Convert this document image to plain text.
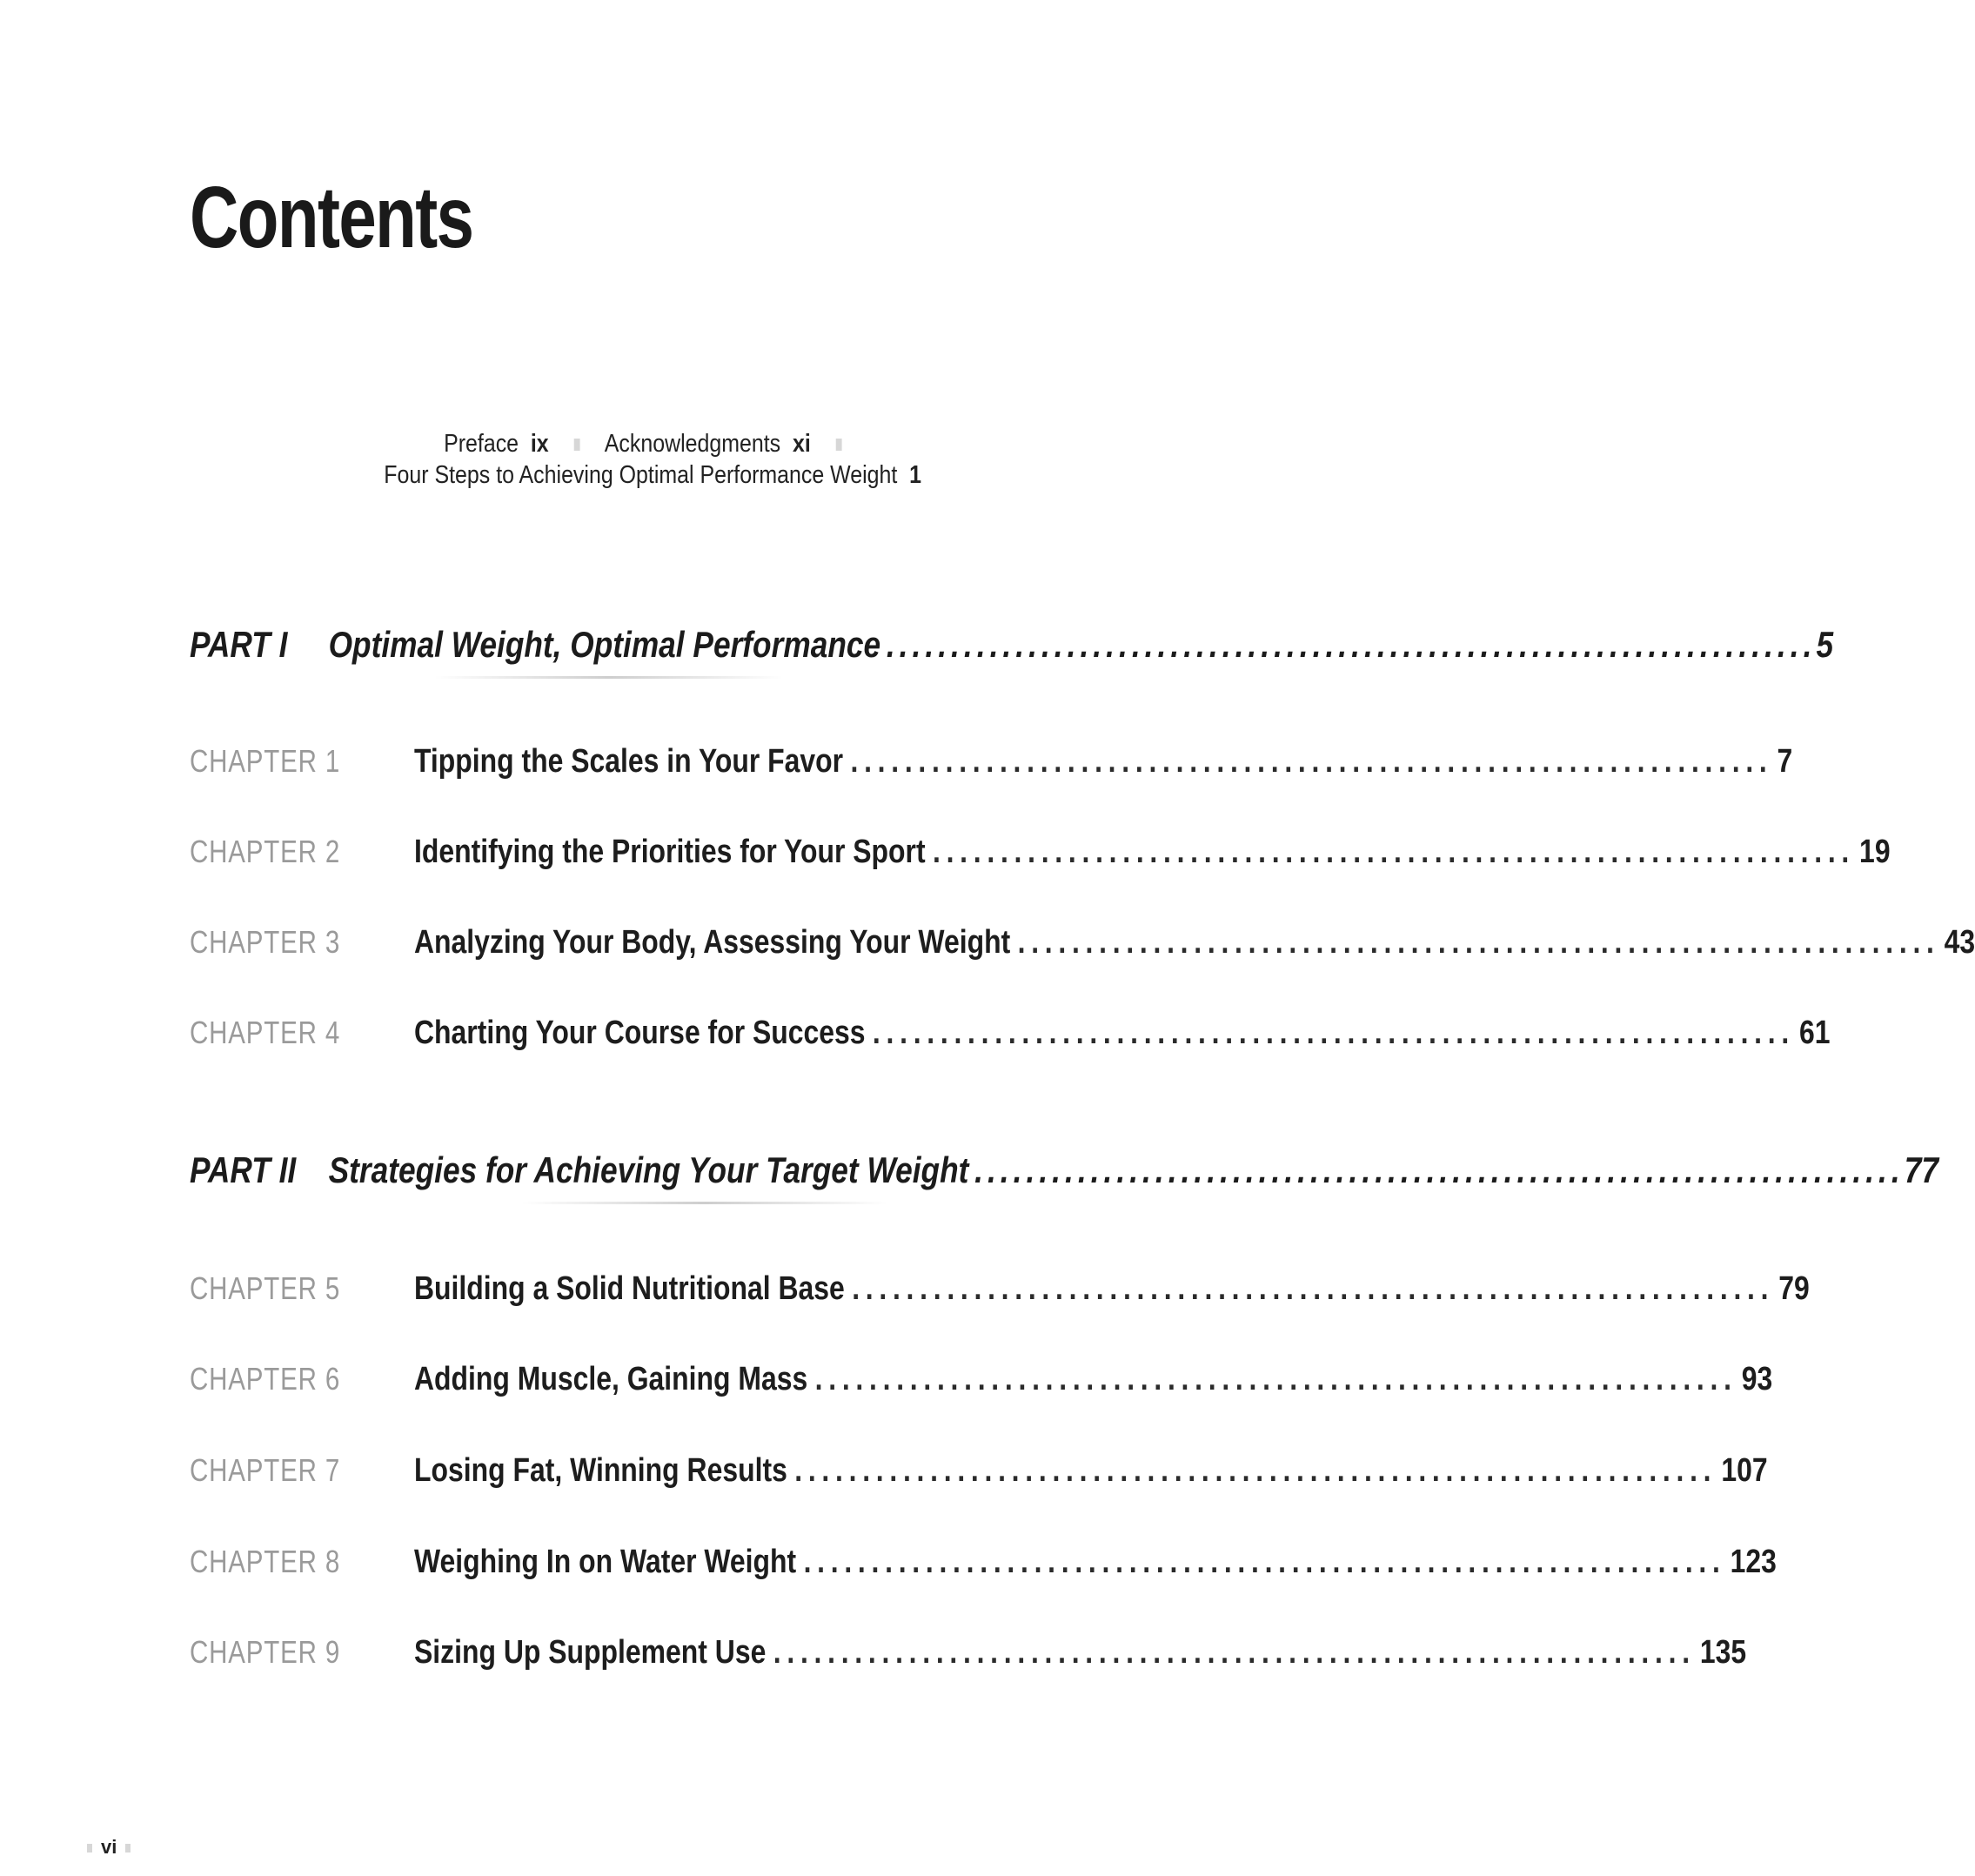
Contents
Preface ix Acknowledgments xi
Four Steps to Achieving Optimal Performance Weight 1
PART I	Optimal Weight, Optimal Performance ........................................................................ 5
CHAPTER 1 Tipping the Scales in Your Favor .................................................................... 7
CHAPTER 2 Identifying the Priorities for Your Sport .................................................................... 19
CHAPTER 3 Analyzing Your Body, Assessing Your Weight .................................................................... 43
CHAPTER 4 Charting Your Course for Success .................................................................... 61
PART II Strategies for Achieving Your Target Weight ........................................................................ 77
CHAPTER 5 Building a Solid Nutritional Base .................................................................... 79
CHAPTER 6 Adding Muscle, Gaining Mass .................................................................... 93
CHAPTER 7 Losing Fat, Winning Results .................................................................... 107
CHAPTER 8 Weighing In on Water Weight .................................................................... 123
CHAPTER 9 Sizing Up Supplement Use .................................................................... 135
vi
